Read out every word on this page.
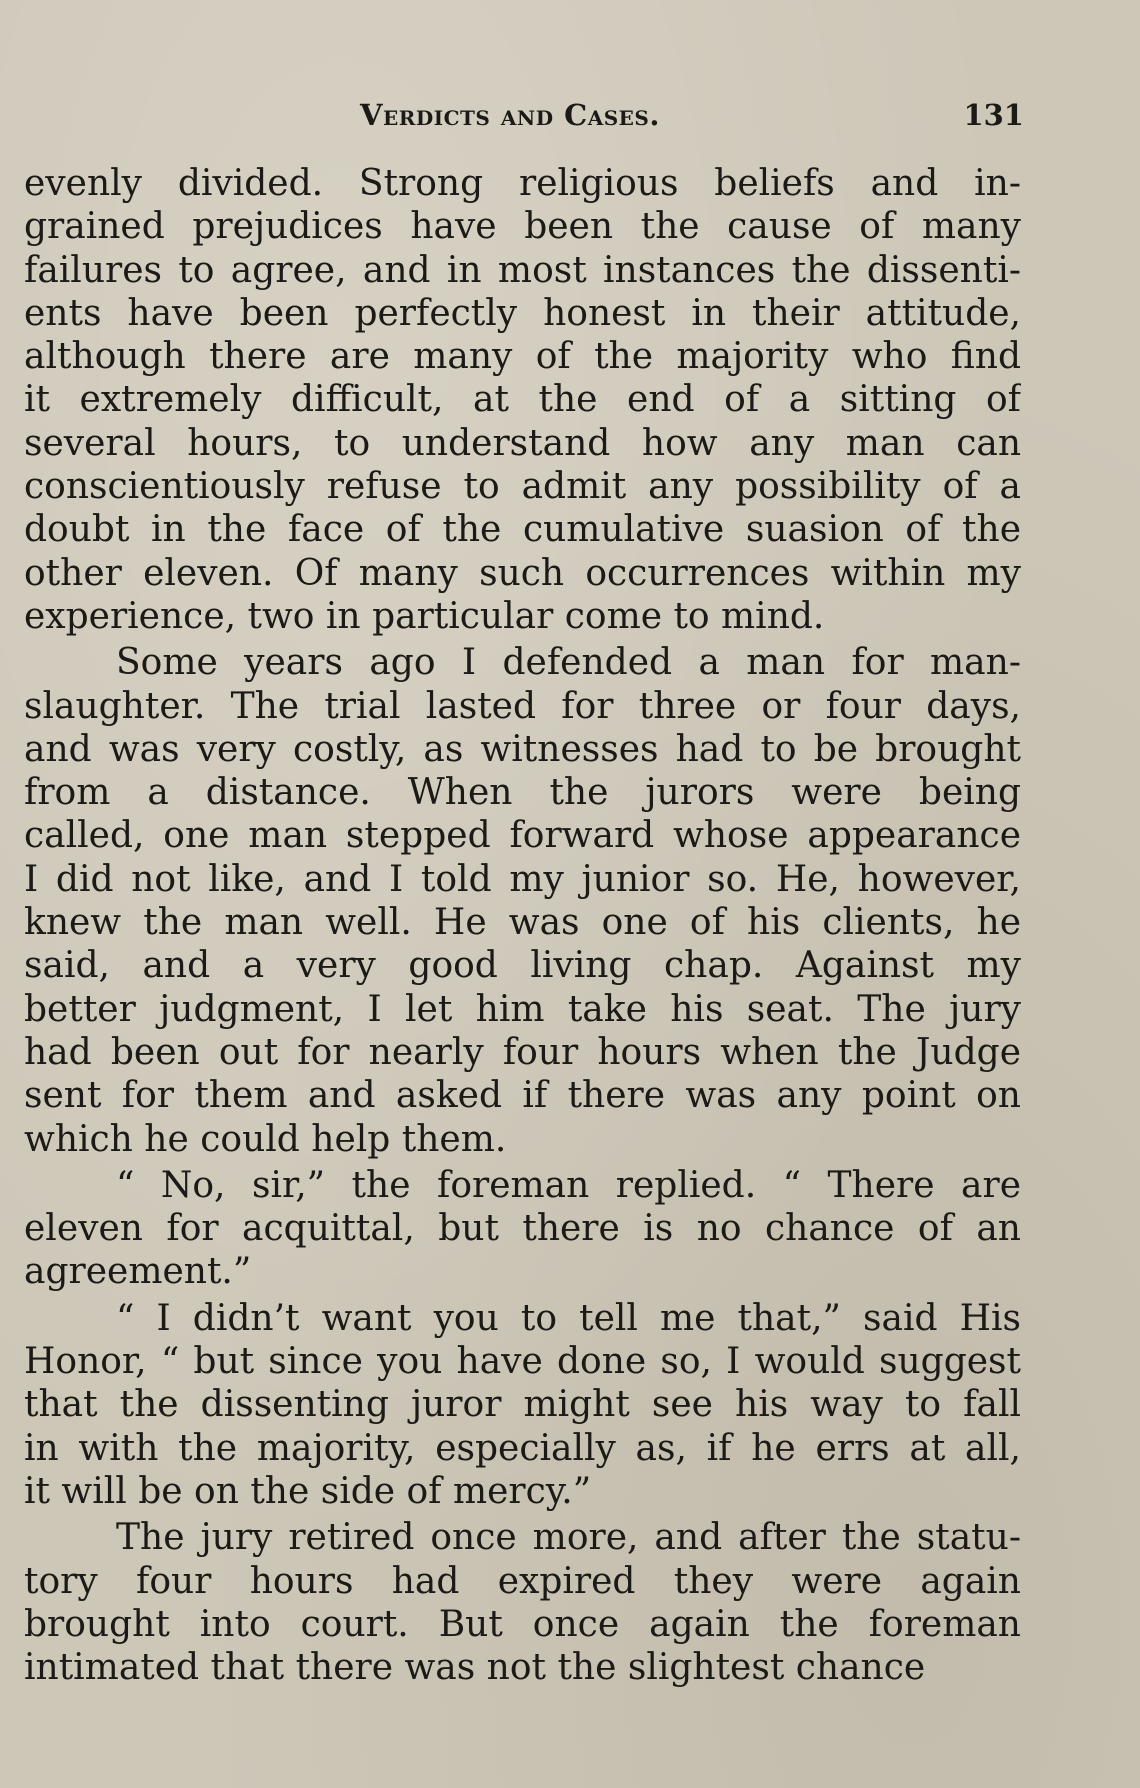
Verdicts and Cases.	131
evenly divided. Strong religious beliefs and in-
grained prejudices have been the cause of many
failures to agree, and in most instances the dissenti-
ents have been perfectly honest in their attitude,
although there are many of the majority who find
it extremely difficult, at the end of a sitting of
several hours, to understand how any man can
conscientiously refuse to admit any possibility of a
doubt in the face of the cumulative suasion of the
other eleven. Of many such occurrences within my
experience, two in particular come to mind.
Some years ago I defended a man for man-
slaughter. The trial lasted for three or four days,
and was very costly, as witnesses had to be brought
from a distance. When the jurors were being
called, one man stepped forward whose appearance
I did not like, and I told my junior so. He, however,
knew the man well. He was one of his clients, he
said, and a very good living chap. Against my
better judgment, I let him take his seat. The jury
had been out for nearly four hours when the Judge
sent for them and asked if there was any point on
which he could help them.
“ No, sir,” the foreman replied. “ There are
eleven for acquittal, but there is no chance of an
agreement.”
“ I didn’t want you to tell me that,” said His
Honor, “ but since you have done so, I would suggest
that the dissenting juror might see his way to fall
in with the majority, especially as, if he errs at all,
it will be on the side of mercy.”
The jury retired once more, and after the statu-
tory four hours had expired they were again
brought into court. But once again the foreman
intimated that there was not the slightest chance
